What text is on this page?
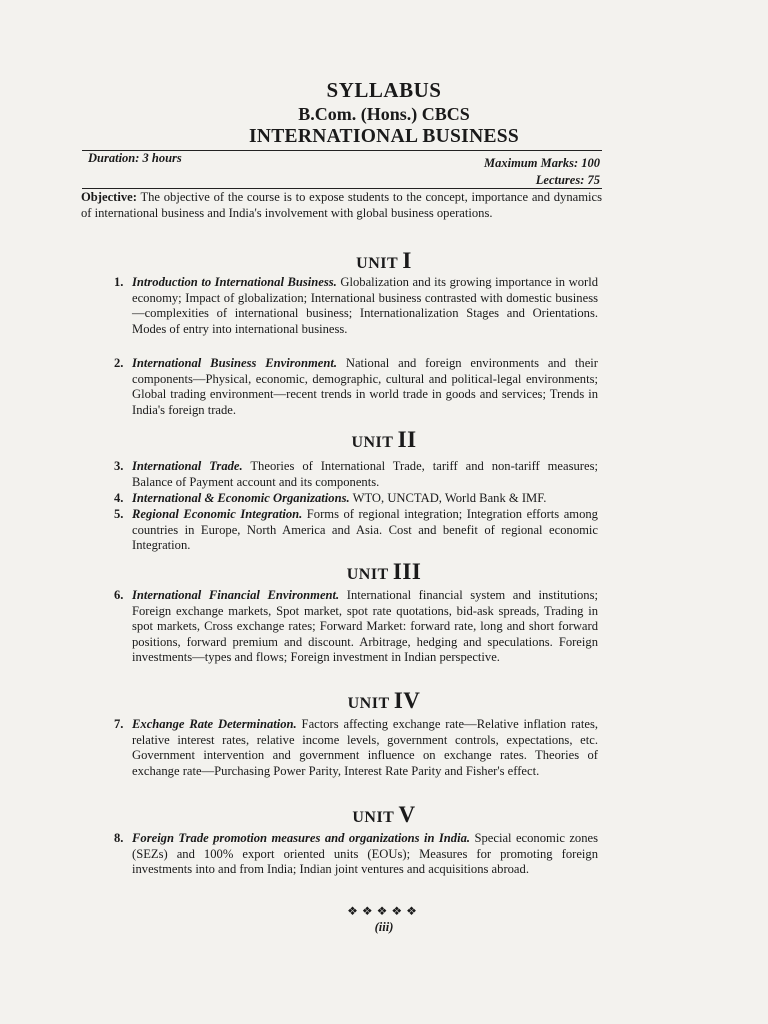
SYLLABUS
B.Com. (Hons.) CBCS
INTERNATIONAL BUSINESS
Duration: 3 hours	Maximum Marks: 100
Lectures: 75
Objective: The objective of the course is to expose students to the concept, importance and dynamics of international business and India's involvement with global business operations.
UNIT I
1. Introduction to International Business. Globalization and its growing importance in world economy; Impact of globalization; International business contrasted with domestic business—complexities of international business; Internationalization Stages and Orientations. Modes of entry into international business.
2. International Business Environment. National and foreign environments and their components—Physical, economic, demographic, cultural and political-legal environments; Global trading environment—recent trends in world trade in goods and services; Trends in India's foreign trade.
UNIT II
3. International Trade. Theories of International Trade, tariff and non-tariff measures; Balance of Payment account and its components.
4. International & Economic Organizations. WTO, UNCTAD, World Bank & IMF.
5. Regional Economic Integration. Forms of regional integration; Integration efforts among countries in Europe, North America and Asia. Cost and benefit of regional economic Integration.
UNIT III
6. International Financial Environment. International financial system and institutions; Foreign exchange markets, Spot market, spot rate quotations, bid-ask spreads, Trading in spot markets, Cross exchange rates; Forward Market: forward rate, long and short forward positions, forward premium and discount. Arbitrage, hedging and speculations. Foreign investments—types and flows; Foreign investment in Indian perspective.
UNIT IV
7. Exchange Rate Determination. Factors affecting exchange rate—Relative inflation rates, relative interest rates, relative income levels, government controls, expectations, etc. Government intervention and government influence on exchange rates. Theories of exchange rate—Purchasing Power Parity, Interest Rate Parity and Fisher's effect.
UNIT V
8. Foreign Trade promotion measures and organizations in India. Special economic zones (SEZs) and 100% export oriented units (EOUs); Measures for promoting foreign investments into and from India; Indian joint ventures and acquisitions abroad.
❖❖❖❖❖
(iii)
